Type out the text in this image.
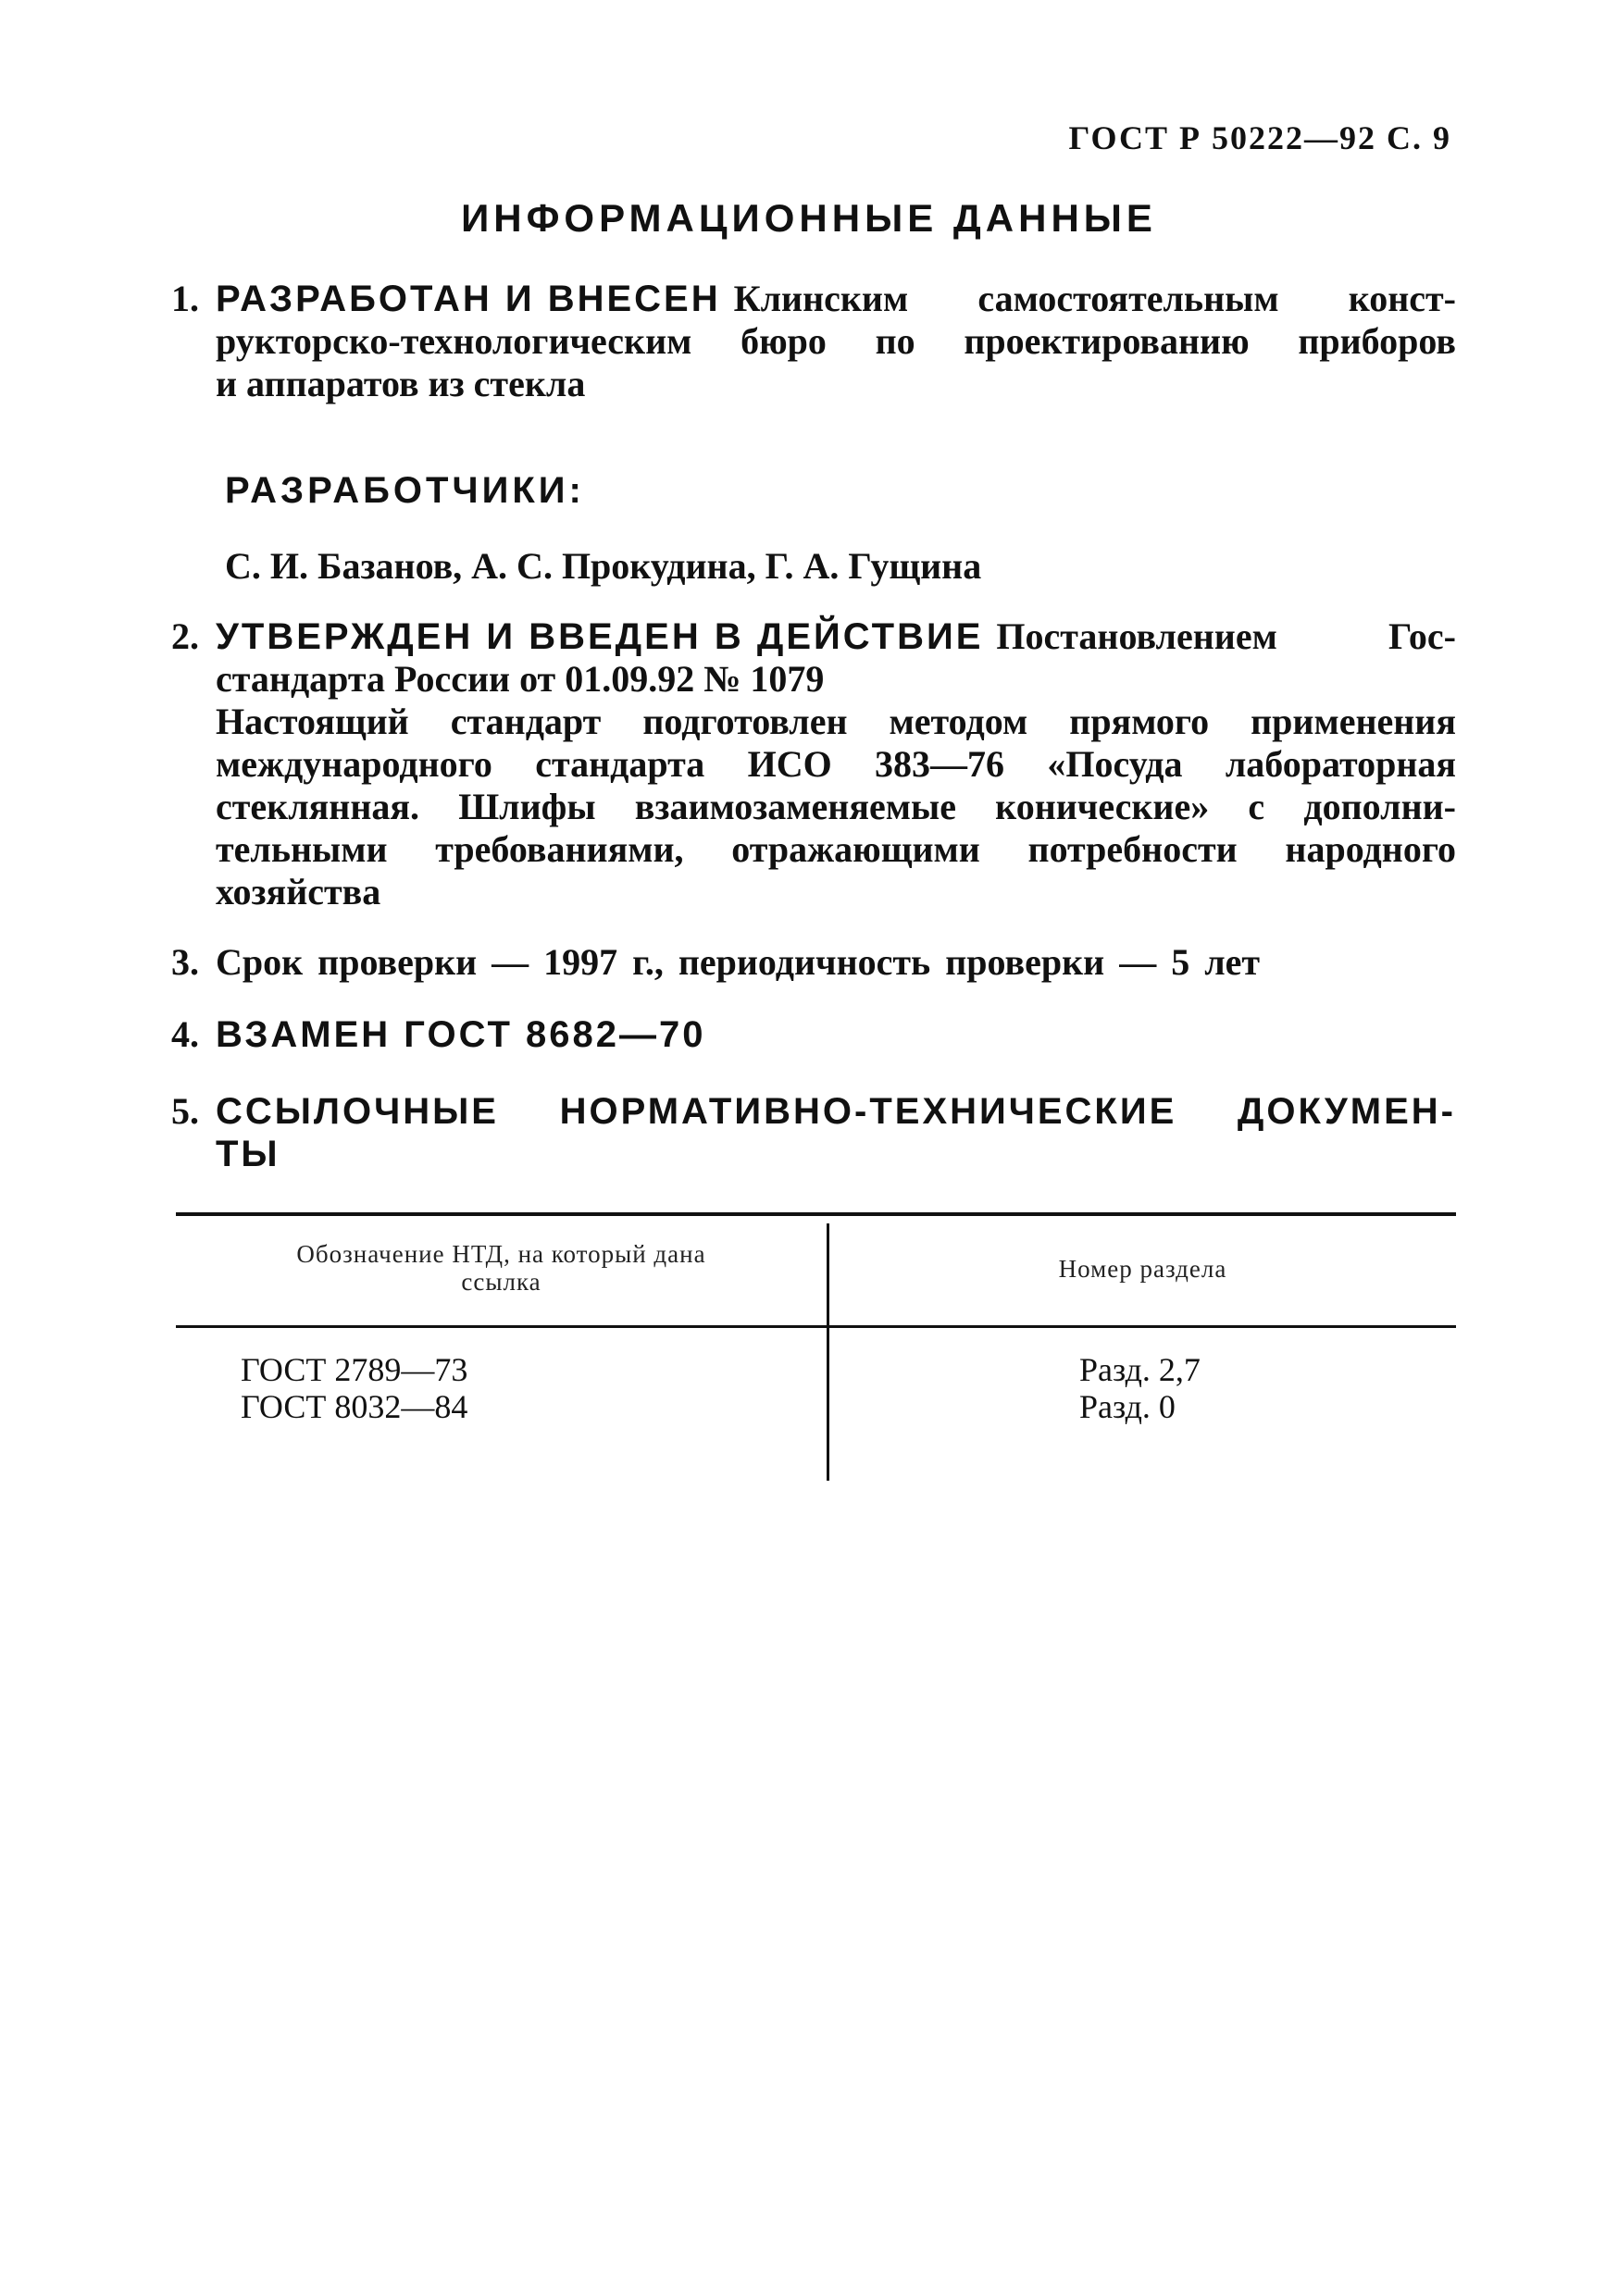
ГОСТ Р 50222—92 С. 9
ИНФОРМАЦИОННЫЕ ДАННЫЕ
1. РАЗРАБОТАН И ВНЕСЕН Клинским самостоятельным конст-
рукторско-технологическим бюро по проектированию приборов
и аппаратов из стекла
РАЗРАБОТЧИКИ:
С. И. Базанов, А. С. Прокудина, Г. А. Гущина
2. УТВЕРЖДЕН И ВВЕДЕН В ДЕЙСТВИЕ Постановлением Гос-
стандарта России от 01.09.92 № 1079
Настоящий стандарт подготовлен методом прямого применения
международного стандарта ИСО 383—76 «Посуда лабораторная
стеклянная. Шлифы взаимозаменяемые конические» с дополни-
тельными требованиями, отражающими потребности народного
хозяйства
3. Срок проверки — 1997 г., периодичность проверки — 5 лет
4. ВЗАМЕН ГОСТ 8682—70
5. ССЫЛОЧНЫЕ НОРМАТИВНО-ТЕХНИЧЕСКИЕ ДОКУМЕН-
ТЫ
Обозначение НТД, на который дана
ссылка	Номер раздела
ГОСТ 2789—73
ГОСТ 8032—84
Разд. 2,7
Разд. 0
